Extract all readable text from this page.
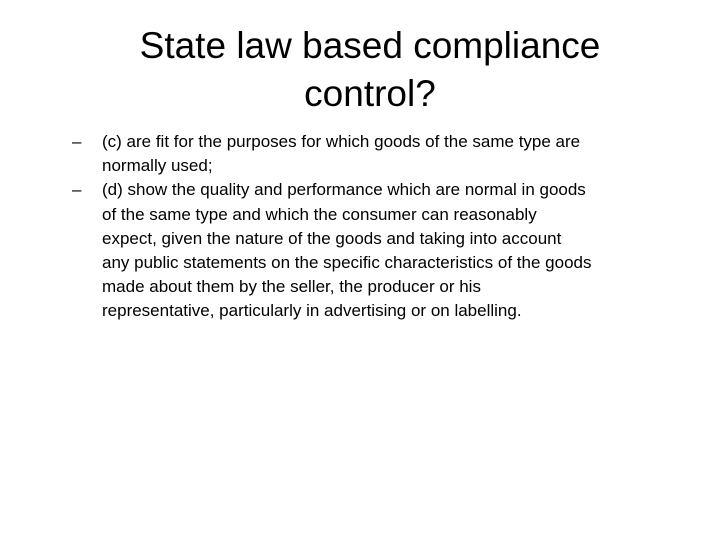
State law based compliance
control?
–	(c) are fit for the purposes for which goods of the same type are
normally used;
–	(d) show the quality and performance which are normal in goods
of the same type and which the consumer can reasonably
expect, given the nature of the goods and taking into account
any public statements on the specific characteristics of the goods
made about them by the seller, the producer or his
representative, particularly in advertising or on labelling.
